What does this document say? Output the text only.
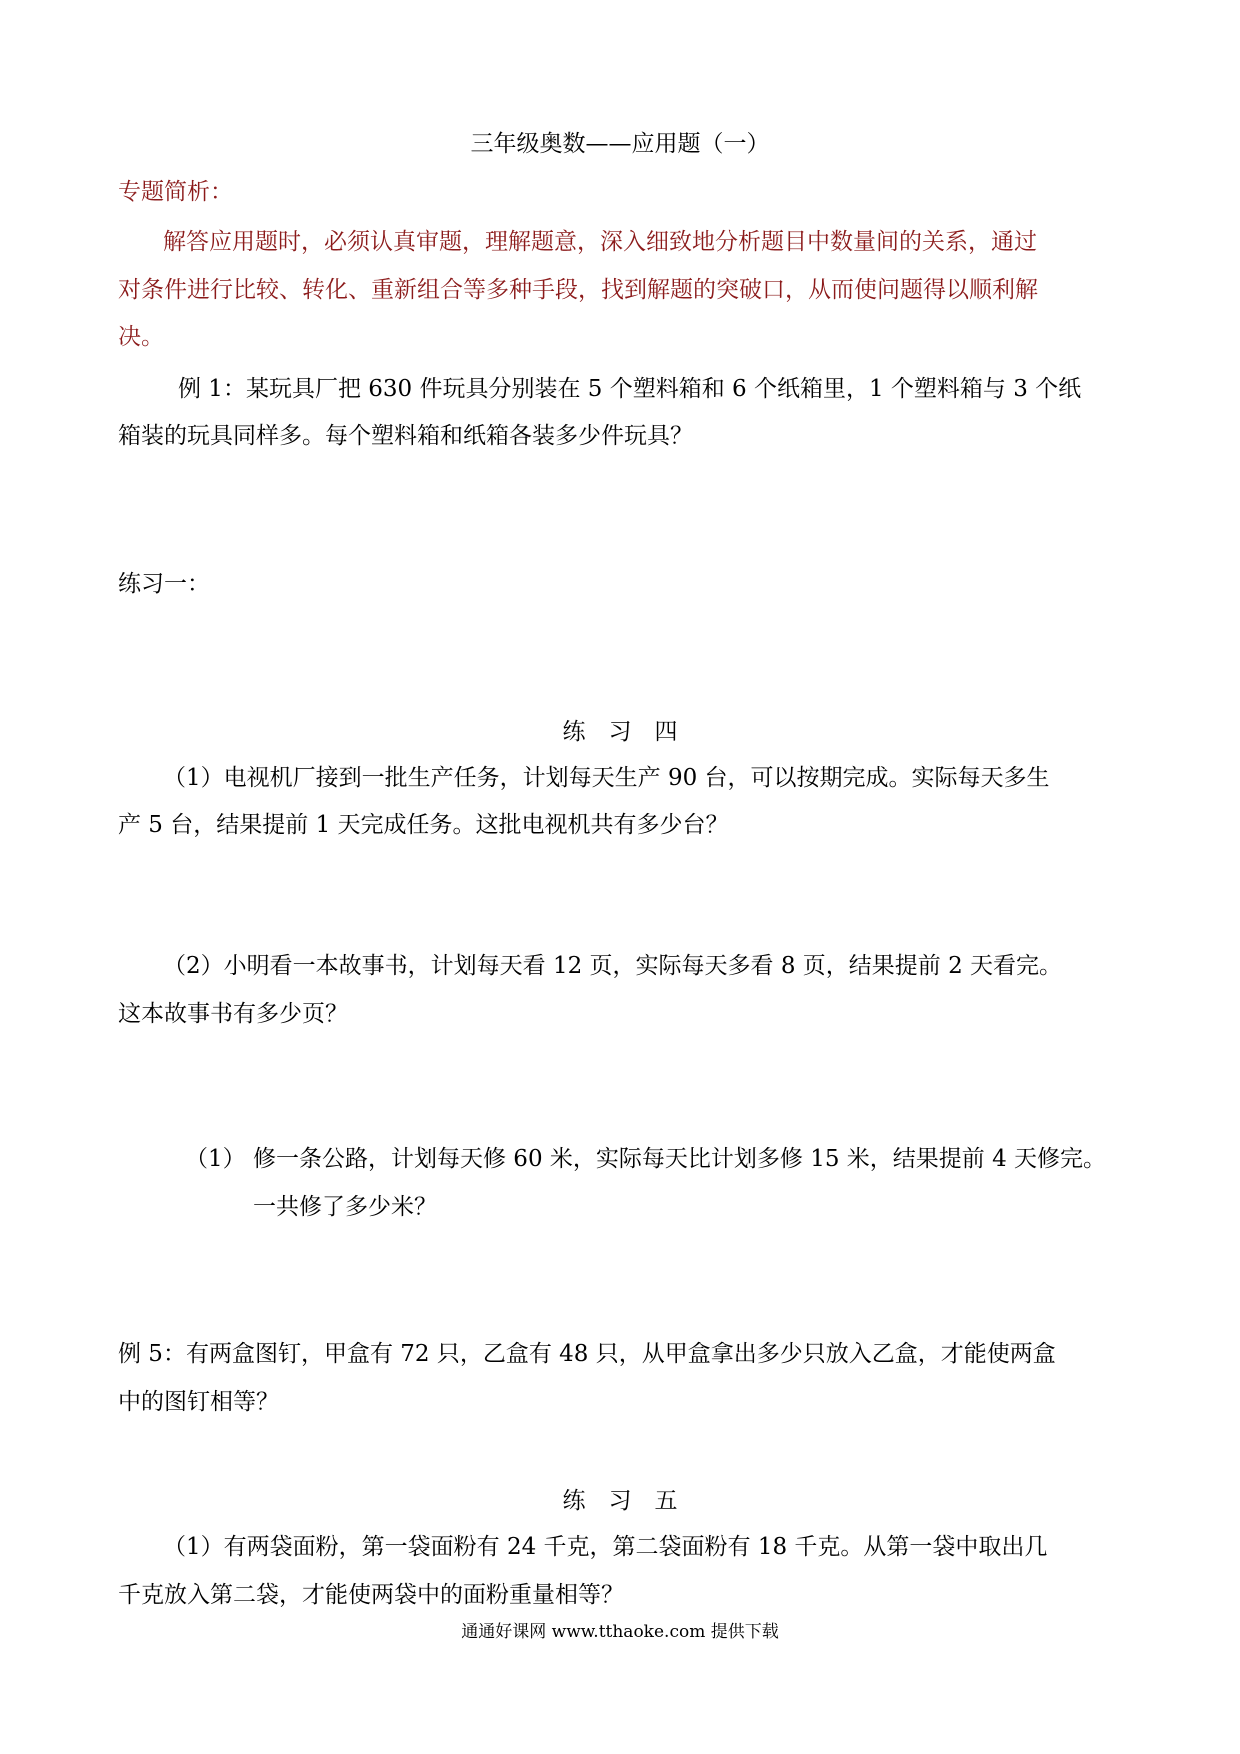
三年级奥数——应用题（一）
专题简析：
解答应用题时，必须认真审题，理解题意，深入细致地分析题目中数量间的关系，通过
对条件进行比较、转化、重新组合等多种手段，找到解题的突破口，从而使问题得以顺利解
决。
例 1：某玩具厂把 630 件玩具分别装在 5 个塑料箱和 6 个纸箱里，1 个塑料箱与 3 个纸
箱装的玩具同样多。每个塑料箱和纸箱各装多少件玩具？
练习一：
练　习　四
（1）电视机厂接到一批生产任务，计划每天生产 90 台，可以按期完成。实际每天多生
产 5 台，结果提前 1 天完成任务。这批电视机共有多少台？
（2）小明看一本故事书，计划每天看 12 页，实际每天多看 8 页，结果提前 2 天看完。
这本故事书有多少页？
（1） 修一条公路，计划每天修 60 米，实际每天比计划多修 15 米，结果提前 4 天修完。
一共修了多少米？
例 5：有两盒图钉，甲盒有 72 只，乙盒有 48 只，从甲盒拿出多少只放入乙盒，才能使两盒
中的图钉相等？
练　习　五
（1）有两袋面粉，第一袋面粉有 24 千克，第二袋面粉有 18 千克。从第一袋中取出几
千克放入第二袋，才能使两袋中的面粉重量相等？
通通好课网 www.tthaoke.com 提供下载
